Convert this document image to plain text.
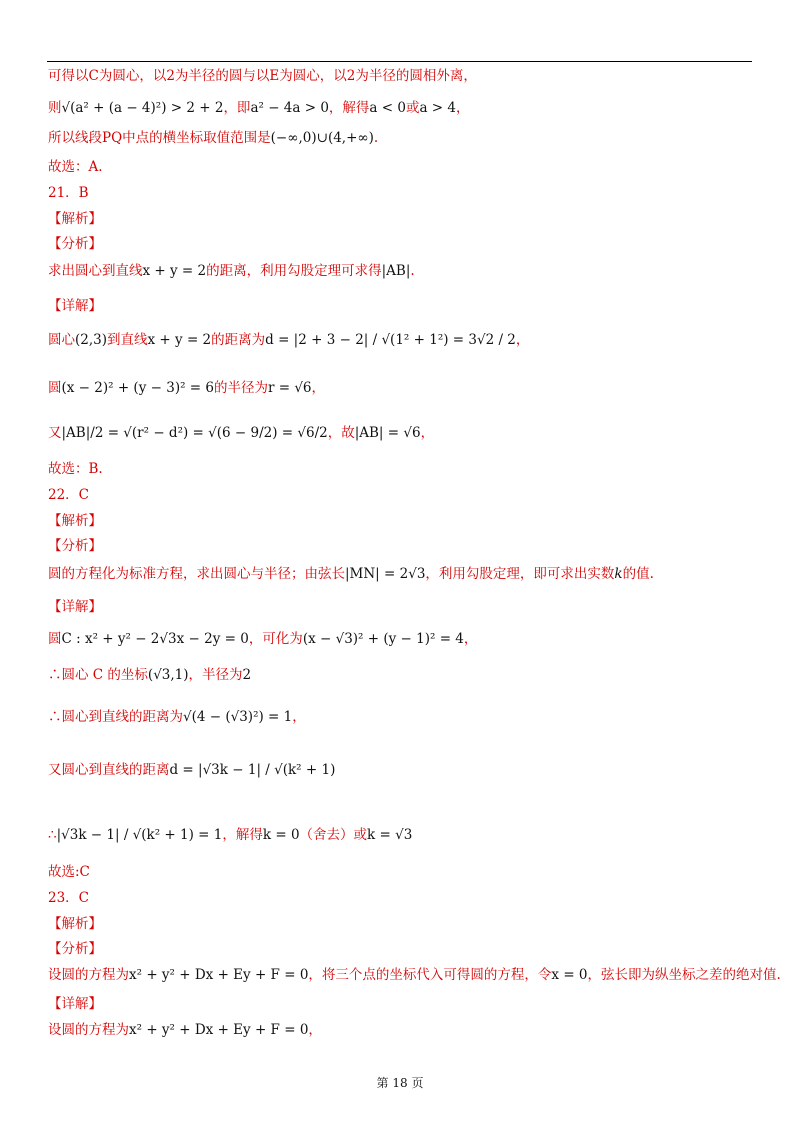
可得以C为圆心，以2为半径的圆与以E为圆心，以2为半径的圆相外离，
则√(a² + (a − 4)²) > 2 + 2，即a² − 4a > 0，解得a < 0或a > 4，
所以线段PQ中点的横坐标取值范围是(−∞,0)∪(4,+∞).
故选：A.
21．B
【解析】
【分析】
求出圆心到直线x + y = 2的距离，利用勾股定理可求得|AB|.
【详解】
圆心(2,3)到直线x + y = 2的距离为d = |2 + 3 − 2| / √(1² + 1²) = 3√2 / 2，
圆(x − 2)² + (y − 3)² = 6的半径为r = √6，
又|AB|/2 = √(r² − d²) = √(6 − 9/2) = √6/2，故|AB| = √6，
故选：B.
22．C
【解析】
【分析】
圆的方程化为标准方程，求出圆心与半径；由弦长|MN| = 2√3，利用勾股定理，即可求出实数k的值.
【详解】
圆C : x² + y² − 2√3x − 2y = 0，可化为(x − √3)² + (y − 1)² = 4，
∴圆心 C 的坐标(√3,1)，半径为2
∴圆心到直线的距离为√(4 − (√3)²) = 1，
又圆心到直线的距离d = |√3k − 1| / √(k² + 1)
∴|√3k − 1| / √(k² + 1) = 1，解得k = 0（舍去）或k = √3
故选:C
23．C
【解析】
【分析】
设圆的方程为x² + y² + Dx + Ey + F = 0，将三个点的坐标代入可得圆的方程，令x = 0，弦长即为纵坐标之差的绝对值.
【详解】
设圆的方程为x² + y² + Dx + Ey + F = 0，
第 18 页
